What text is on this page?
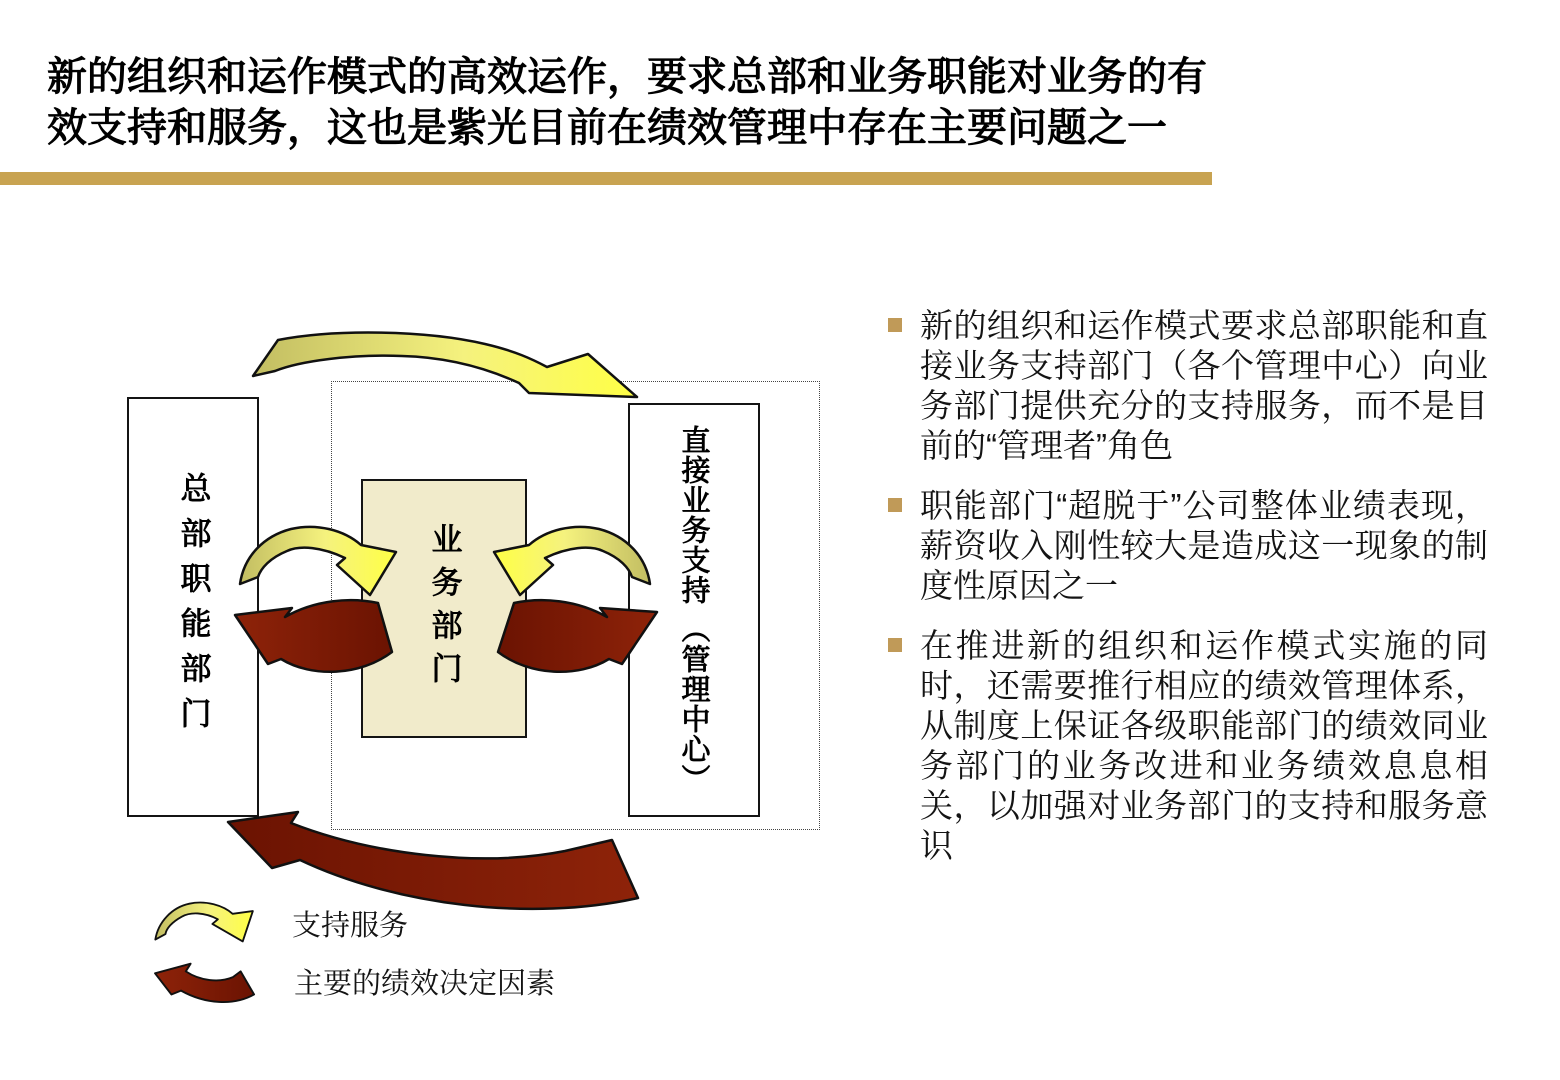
新的组织和运作模式的高效运作，要求总部和业务职能对业务的有
效支持和服务，这也是紫光目前在绩效管理中存在主要问题之一
总部职能部门	业务部门	直接业务支持 （管理中心）
新的组织和运作模式要求总部职能和直接业务支持部门（各个管理中心）向业务部门提供充分的支持服务，而不是目前的“管理者”角色
职能部门“超脱于”公司整体业绩表现，薪资收入刚性较大是造成这一现象的制度性原因之一
在推进新的组织和运作模式实施的同时，还需要推行相应的绩效管理体系，从制度上保证各级职能部门的绩效同业务部门的业务改进和业务绩效息息相关，以加强对业务部门的支持和服务意识
支持服务
主要的绩效决定因素
